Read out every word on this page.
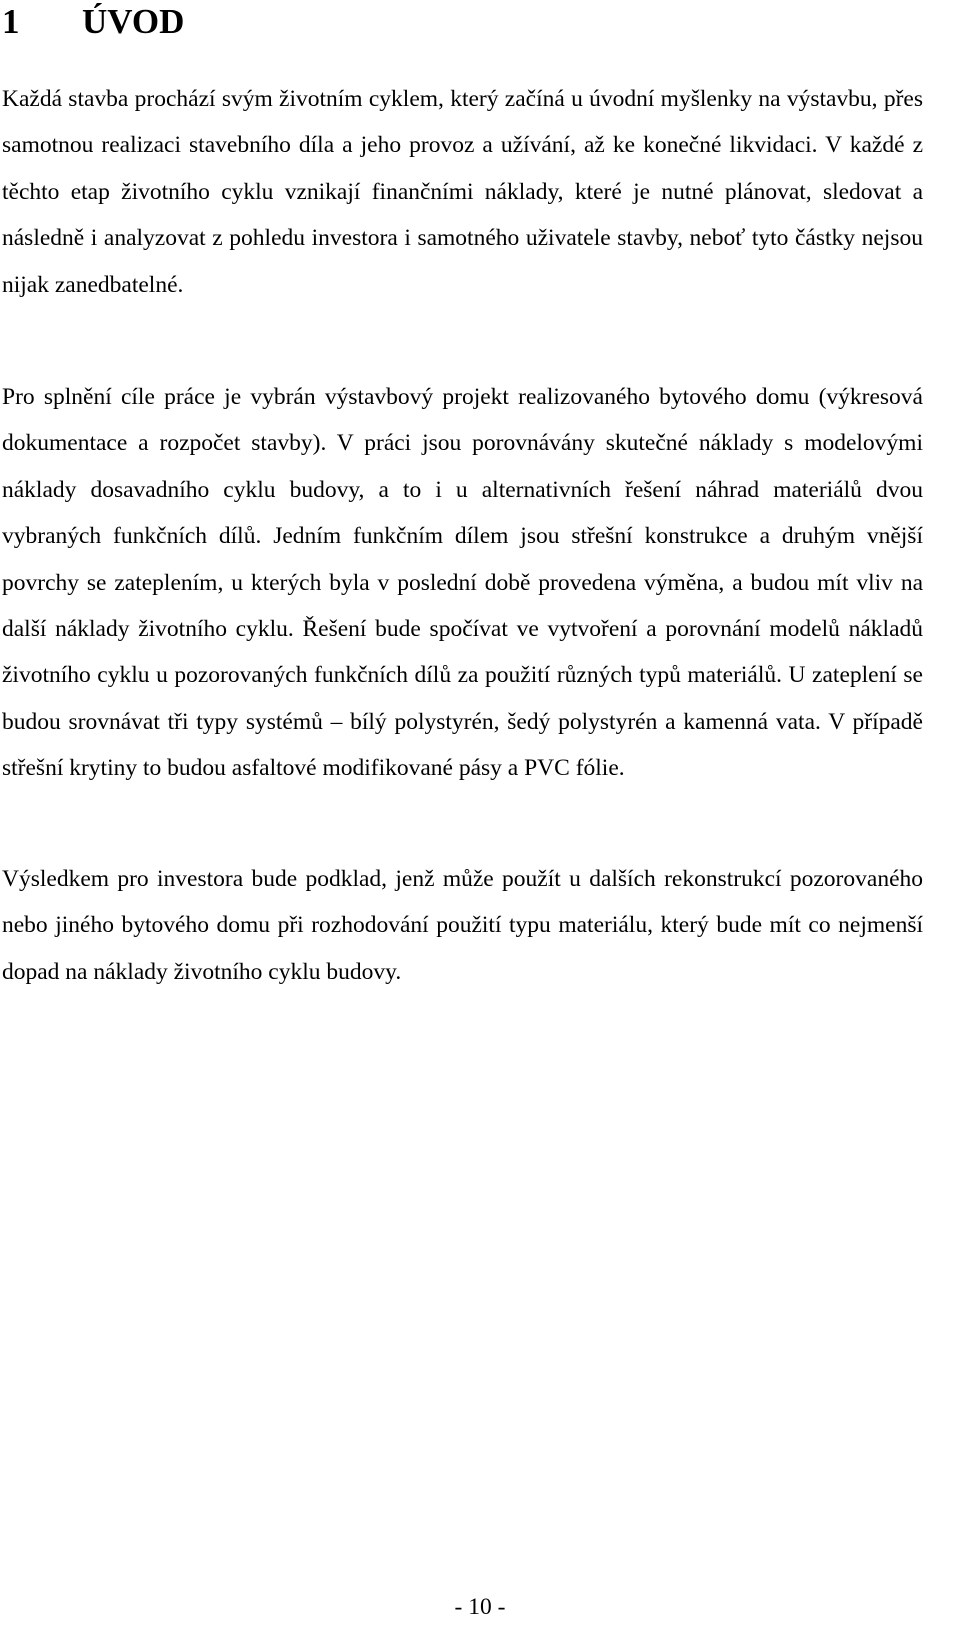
1 ÚVOD

Každá stavba prochází svým životním cyklem, který začíná u úvodní myšlenky na výstavbu, přes samotnou realizaci stavebního díla a jeho provoz a užívání, až ke konečné likvidaci. V každé z těchto etap životního cyklu vznikají finančními náklady, které je nutné plánovat, sledovat a následně i analyzovat z pohledu investora i samotného uživatele stavby, neboť tyto částky nejsou nijak zanedbatelné.

Pro splnění cíle práce je vybrán výstavbový projekt realizovaného bytového domu (výkresová dokumentace a rozpočet stavby). V práci jsou porovnávány skutečné náklady s modelovými náklady dosavadního cyklu budovy, a to i u alternativních řešení náhrad materiálů dvou vybraných funkčních dílů. Jedním funkčním dílem jsou střešní konstrukce a druhým vnější povrchy se zateplením, u kterých byla v poslední době provedena výměna, a budou mít vliv na další náklady životního cyklu. Řešení bude spočívat ve vytvoření a porovnání modelů nákladů životního cyklu u pozorovaných funkčních dílů za použití různých typů materiálů. U zateplení se budou srovnávat tři typy systémů – bílý polystyrén, šedý polystyrén a kamenná vata. V případě střešní krytiny to budou asfaltové modifikované pásy a PVC fólie.

Výsledkem pro investora bude podklad, jenž může použít u dalších rekonstrukcí pozorovaného nebo jiného bytového domu při rozhodování použití typu materiálu, který bude mít co nejmenší dopad na náklady životního cyklu budovy.

- 10 -
